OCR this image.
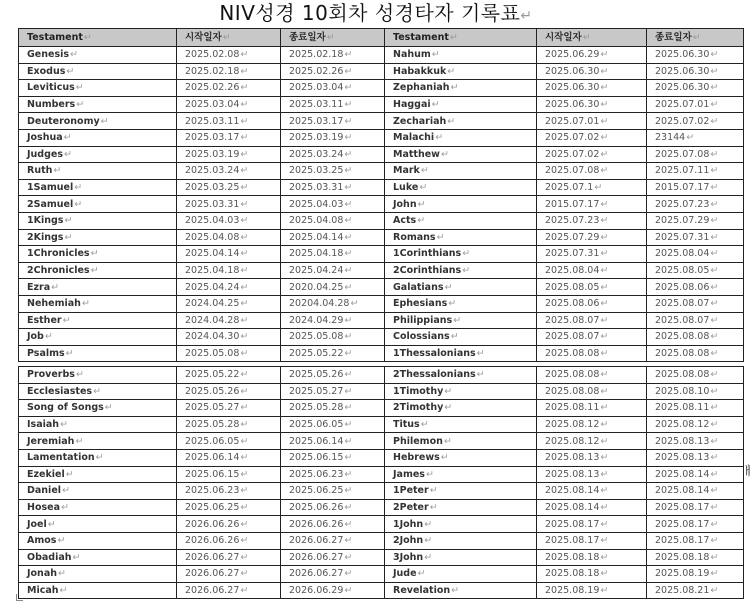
NIV성경 10회차 성경타자 기록표↵
Testament↵	시작일자↵	종료일자↵	Testament↵	시작일자↵	종료일자↵
Genesis↵	2025.02.08↵	2025.02.18↵	Nahum↵	2025.06.29↵	2025.06.30↵
Exodus↵	2025.02.18↵	2025.02.26↵	Habakkuk↵	2025.06.30↵	2025.06.30↵
Leviticus↵	2025.02.26↵	2025.03.04↵	Zephaniah↵	2025.06.30↵	2025.06.30↵
Numbers↵	2025.03.04↵	2025.03.11↵	Haggai↵	2025.06.30↵	2025.07.01↵
Deuteronomy↵	2025.03.11↵	2025.03.17↵	Zechariah↵	2025.07.01↵	2025.07.02↵
Joshua↵	2025.03.17↵	2025.03.19↵	Malachi↵	2025.07.02↵	23144↵
Judges↵	2025.03.19↵	2025.03.24↵	Matthew↵	2025.07.02↵	2025.07.08↵
Ruth↵	2025.03.24↵	2025.03.25↵	Mark↵	2025.07.08↵	2025.07.11↵
1Samuel↵	2025.03.25↵	2025.03.31↵	Luke↵	2025.07.1↵	2015.07.17↵
2Samuel↵	2025.03.31↵	2025.04.03↵	John↵	2015.07.17↵	2025.07.23↵
1Kings↵	2025.04.03↵	2025.04.08↵	Acts↵	2025.07.23↵	2025.07.29↵
2Kings↵	2025.04.08↵	2025.04.14↵	Romans↵	2025.07.29↵	2025.07.31↵
1Chronicles↵	2025.04.14↵	2025.04.18↵	1Corinthians↵	2025.07.31↵	2025.08.04↵
2Chronicles↵	2025.04.18↵	2025.04.24↵	2Corinthians↵	2025.08.04↵	2025.08.05↵
Ezra↵	2025.04.24↵	2020.04.25↵	Galatians↵	2025.08.05↵	2025.08.06↵
Nehemiah↵	2024.04.25↵	20204.04.28↵	Ephesians↵	2025.08.06↵	2025.08.07↵
Esther↵	2024.04.28↵	2024.04.29↵	Philippians↵	2025.08.07↵	2025.08.07↵
Job↵	2024.04.30↵	2025.05.08↵	Colossians↵	2025.08.07↵	2025.08.08↵
Psalms↵	2025.05.08↵	2025.05.22↵	1Thessalonians↵	2025.08.08↵	2025.08.08↵
Proverbs↵	2025.05.22↵	2025.05.26↵	2Thessalonians↵	2025.08.08↵	2025.08.08↵
Ecclesiastes↵	2025.05.26↵	2025.05.27↵	1Timothy↵	2025.08.08↵	2025.08.10↵
Song of Songs↵	2025.05.27↵	2025.05.28↵	2Timothy↵	2025.08.11↵	2025.08.11↵
Isaiah↵	2025.05.28↵	2025.06.05↵	Titus↵	2025.08.12↵	2025.08.12↵
Jeremiah↵	2025.06.05↵	2025.06.14↵	Philemon↵	2025.08.12↵	2025.08.13↵
Lamentation↵	2025.06.14↵	2025.06.15↵	Hebrews↵	2025.08.13↵	2025.08.13↵
Ezekiel↵	2025.06.15↵	2025.06.23↵	James↵	2025.08.13↵	2025.08.14↵
Daniel↵	2025.06.23↵	2025.06.25↵	1Peter↵	2025.08.14↵	2025.08.14↵
Hosea↵	2025.06.25↵	2025.06.26↵	2Peter↵	2025.08.14↵	2025.08.17↵
Joel↵	2026.06.26↵	2026.06.26↵	1John↵	2025.08.17↵	2025.08.17↵
Amos↵	2026.06.26↵	2026.06.27↵	2John↵	2025.08.17↵	2025.08.17↵
Obadiah↵	2026.06.27↵	2026.06.27↵	3John↵	2025.08.18↵	2025.08.18↵
Jonah↵	2026.06.27↵	2026.06.27↵	Jude↵	2025.08.18↵	2025.08.19↵
Micah↵	2026.06.27↵	2026.06.29↵	Revelation↵	2025.08.19↵	2025.08.21↵
ㅐ
